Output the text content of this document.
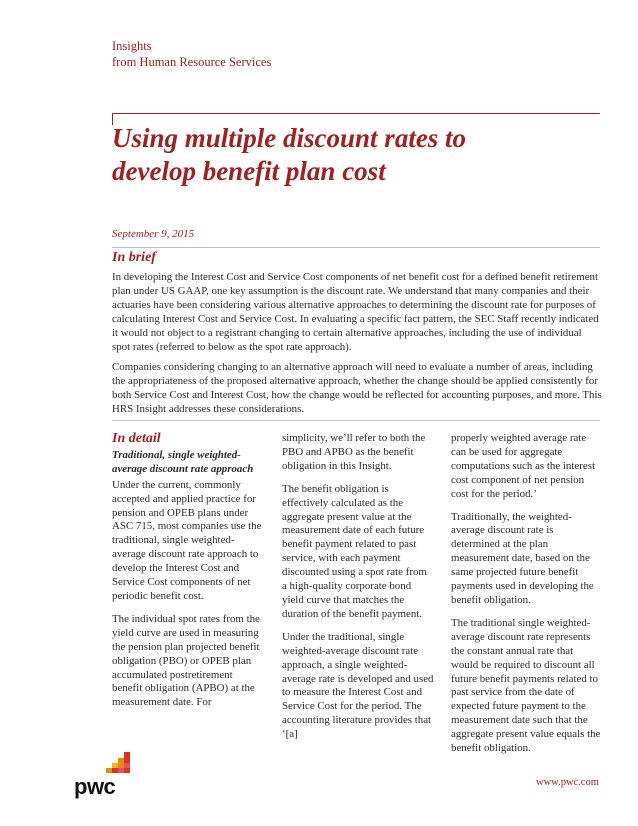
Insights
from Human Resource Services
Using multiple discount rates to
develop benefit plan cost
September 9, 2015
In brief

In developing the Interest Cost and Service Cost components of net benefit cost for a defined benefit retirement plan under US GAAP, one key assumption is the discount rate. We understand that many companies and their actuaries have been considering various alternative approaches to determining the discount rate for purposes of calculating Interest Cost and Service Cost. In evaluating a specific fact pattern, the SEC Staff recently indicated it would not object to a registrant changing to certain alternative approaches, including the use of individual spot rates (referred to below as the spot rate approach).

Companies considering changing to an alternative approach will need to evaluate a number of areas, including the appropriateness of the proposed alternative approach, whether the change should be applied consistently for both Service Cost and Interest Cost, how the change would be reflected for accounting purposes, and more. This HRS Insight addresses these considerations.

In detail
Traditional, single weighted-average discount rate approach

Under the current, commonly accepted and applied practice for pension and OPEB plans under ASC 715, most companies use the traditional, single weighted-average discount rate approach to develop the Interest Cost and Service Cost components of net periodic benefit cost.

The individual spot rates from the yield curve are used in measuring the pension plan projected benefit obligation (PBO) or OPEB plan accumulated postretirement benefit obligation (APBO) at the measurement date. For

simplicity, we’ll refer to both the PBO and APBO as the benefit obligation in this Insight.

The benefit obligation is effectively calculated as the aggregate present value at the measurement date of each future benefit payment related to past service, with each payment discounted using a spot rate from a high-quality corporate bond yield curve that matches the duration of the benefit payment.

Under the traditional, single weighted-average discount rate approach, a single weighted-average rate is developed and used to measure the Interest Cost and Service Cost for the period. The accounting literature provides that ‘[a]

properly weighted average rate can be used for aggregate computations such as the interest cost component of net pension cost for the period.’

Traditionally, the weighted-average discount rate is determined at the plan measurement date, based on the same projected future benefit payments used in developing the benefit obligation.

The traditional single weighted-average discount rate represents the constant annual rate that would be required to discount all future benefit payments related to past service from the date of expected future payment to the measurement date such that the aggregate present value equals the benefit obligation.

pwc	www.pwc.com
